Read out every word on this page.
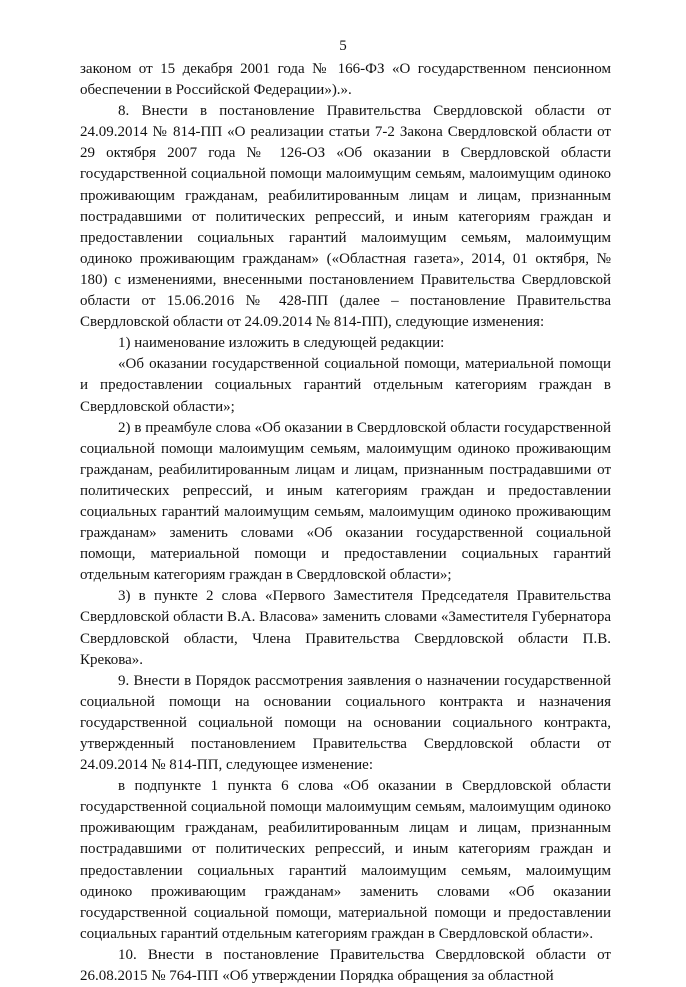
5

законом от 15 декабря 2001 года № 166-ФЗ «О государственном пенсионном обеспечении в Российской Федерации»).».

8. Внести в постановление Правительства Свердловской области от 24.09.2014 № 814-ПП «О реализации статьи 7-2 Закона Свердловской области от 29 октября 2007 года № 126-ОЗ «Об оказании в Свердловской области государственной социальной помощи малоимущим семьям, малоимущим одиноко проживающим гражданам, реабилитированным лицам и лицам, признанным пострадавшими от политических репрессий, и иным категориям граждан и предоставлении социальных гарантий малоимущим семьям, малоимущим одиноко проживающим гражданам» («Областная газета», 2014, 01 октября, № 180) с изменениями, внесенными постановлением Правительства Свердловской области от 15.06.2016 № 428-ПП (далее – постановление Правительства Свердловской области от 24.09.2014 № 814-ПП), следующие изменения:

1) наименование изложить в следующей редакции:

«Об оказании государственной социальной помощи, материальной помощи и предоставлении социальных гарантий отдельным категориям граждан в Свердловской области»;

2) в преамбуле слова «Об оказании в Свердловской области государственной социальной помощи малоимущим семьям, малоимущим одиноко проживающим гражданам, реабилитированным лицам и лицам, признанным пострадавшими от политических репрессий, и иным категориям граждан и предоставлении социальных гарантий малоимущим семьям, малоимущим одиноко проживающим гражданам» заменить словами «Об оказании государственной социальной помощи, материальной помощи и предоставлении социальных гарантий отдельным категориям граждан в Свердловской области»;

3) в пункте 2 слова «Первого Заместителя Председателя Правительства Свердловской области В.А. Власова» заменить словами «Заместителя Губернатора Свердловской области, Члена Правительства Свердловской области П.В. Крекова».

9. Внести в Порядок рассмотрения заявления о назначении государственной социальной помощи на основании социального контракта и назначения государственной социальной помощи на основании социального контракта, утвержденный постановлением Правительства Свердловской области от 24.09.2014 № 814-ПП, следующее изменение:

в подпункте 1 пункта 6 слова «Об оказании в Свердловской области государственной социальной помощи малоимущим семьям, малоимущим одиноко проживающим гражданам, реабилитированным лицам и лицам, признанным пострадавшими от политических репрессий, и иным категориям граждан и предоставлении социальных гарантий малоимущим семьям, малоимущим одиноко проживающим гражданам» заменить словами «Об оказании государственной социальной помощи, материальной помощи и предоставлении социальных гарантий отдельным категориям граждан в Свердловской области».

10. Внести в постановление Правительства Свердловской области от 26.08.2015 № 764-ПП «Об утверждении Порядка обращения за областной
